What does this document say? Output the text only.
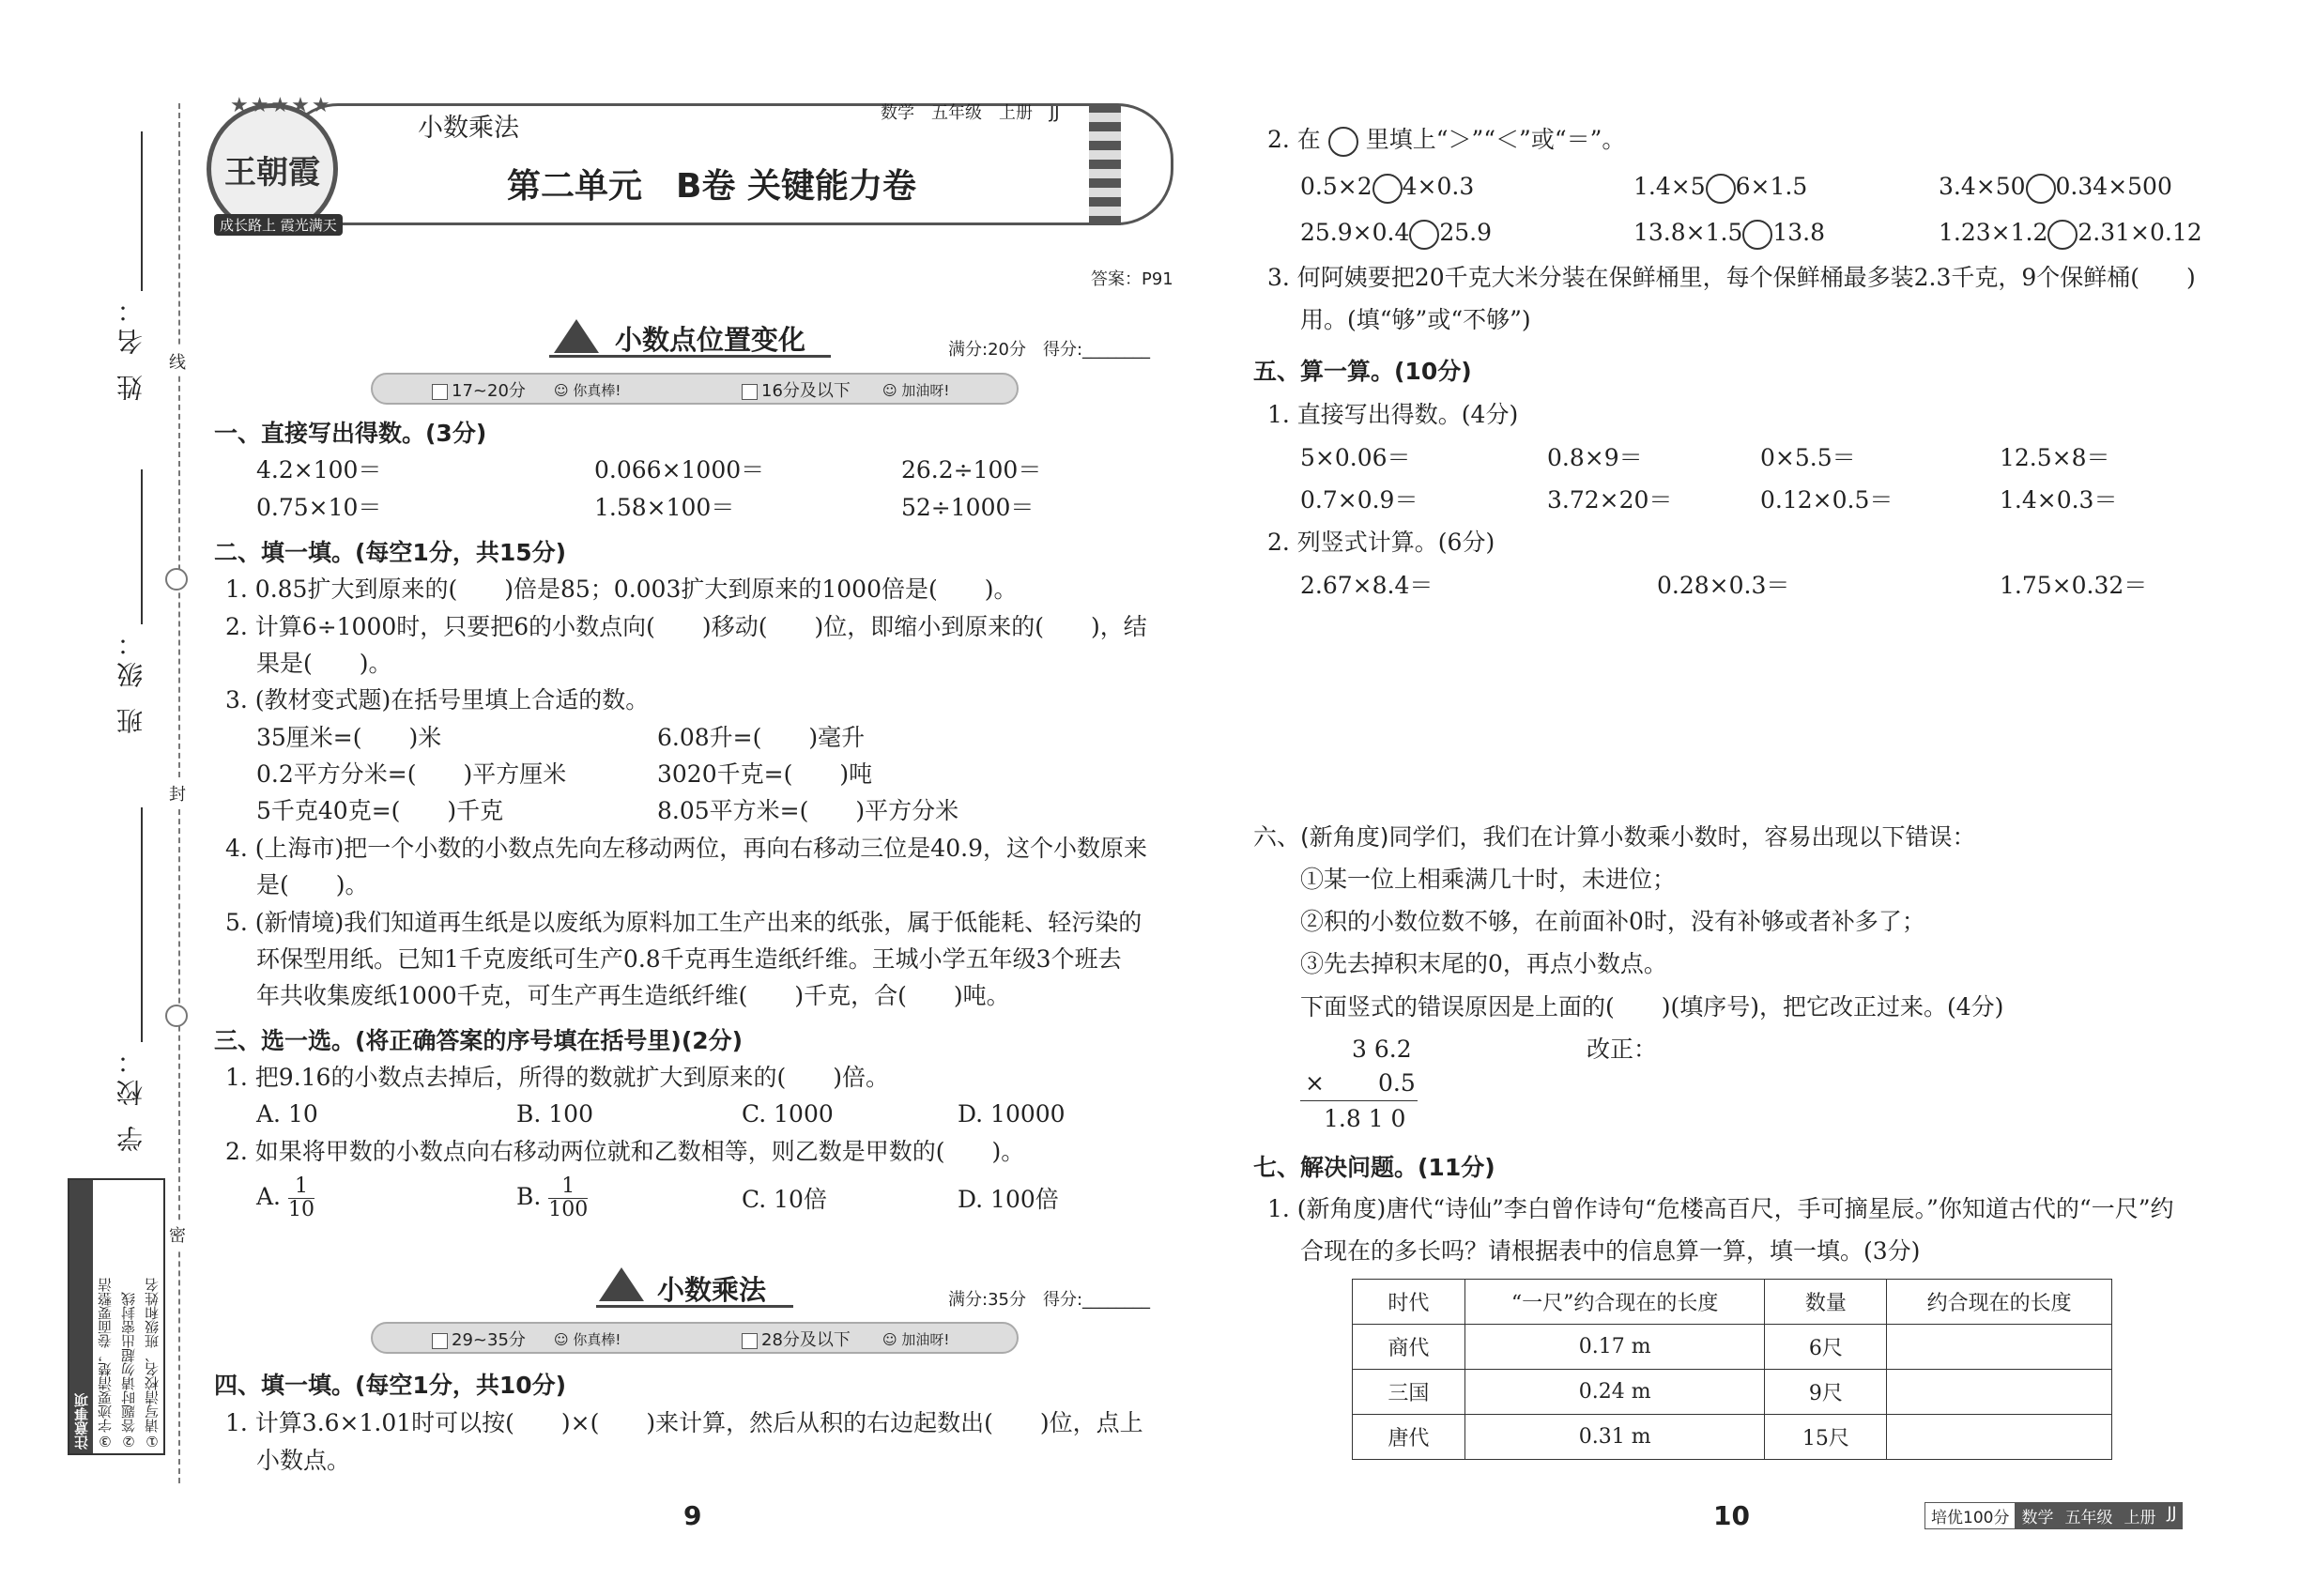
线
封
密
姓 名：
班 级：
学 校：
注意事项 ③字迹要清楚，卷面要整洁 ②答题时请勿超出密封线 ①请写清校名、班级和姓名
王朝霞
成长路上 霞光满天
★★★★★
小数乘法
数学　五年级　上册　JJ
第二单元　B卷 关键能力卷
答案：P91
小数点位置变化	满分:20分　得分:________
17~20分 ☺ 你真棒!	16分及以下 ☺ 加油呀!
一、直接写出得数。(3分)
4.2×100＝	0.066×1000＝	26.2÷100＝
0.75×10＝	1.58×100＝	52÷1000＝
二、填一填。(每空1分，共15分)
1. 0.85扩大到原来的(　　)倍是85；0.003扩大到原来的1000倍是(　　)。
2. 计算6÷1000时，只要把6的小数点向(　　)移动(　　)位，即缩小到原来的(　　)，结
果是(　　)。
3. (教材变式题)在括号里填上合适的数。
35厘米=(　　)米	6.08升=(　　)毫升
0.2平方分米=(　　)平方厘米	3020千克=(　　)吨
5千克40克=(　　)千克	8.05平方米=(　　)平方分米
4. (上海市)把一个小数的小数点先向左移动两位，再向右移动三位是40.9，这个小数原来
是(　　)。
5. (新情境)我们知道再生纸是以废纸为原料加工生产出来的纸张，属于低能耗、轻污染的
环保型用纸。已知1千克废纸可生产0.8千克再生造纸纤维。王城小学五年级3个班去
年共收集废纸1000千克，可生产再生造纸纤维(　　)千克，合(　　)吨。
三、选一选。(将正确答案的序号填在括号里)(2分)
1. 把9.16的小数点去掉后，所得的数就扩大到原来的(　　)倍。
A. 10	B. 100	C. 1000	D. 10000
2. 如果将甲数的小数点向右移动两位就和乙数相等，则乙数是甲数的(　　)。
A. $\frac{1}{10}$	B. $\frac{1}{100}$	C. 10倍	D. 100倍
小数乘法	满分:35分　得分:________
29~35分 ☺ 你真棒!	28分及以下 ☺ 加油呀!
四、填一填。(每空1分，共10分)
1. 计算3.6×1.01时可以按(　　)×(　　)来计算，然后从积的右边起数出(　　)位，点上
小数点。
9
2. 在 里填上“＞”“＜”或“＝”。
0.5×2 4×0.3	1.4×5 6×1.5	3.4×50 0.34×500
25.9×0.4 25.9	13.8×1.5 13.8	1.23×1.2 2.31×0.12
3. 何阿姨要把20千克大米分装在保鲜桶里，每个保鲜桶最多装2.3千克，9个保鲜桶(　　)
用。(填“够”或“不够”)
五、算一算。(10分)
1. 直接写出得数。(4分)
5×0.06＝	0.8×9＝	0×5.5＝	12.5×8＝
0.7×0.9＝	3.72×20＝	0.12×0.5＝	1.4×0.3＝
2. 列竖式计算。(6分)
2.67×8.4＝	0.28×0.3＝	1.75×0.32＝
六、(新角度)同学们，我们在计算小数乘小数时，容易出现以下错误：
①某一位上相乘满几十时，未进位；
②积的小数位数不够，在前面补0时，没有补够或者补多了；
③先去掉积末尾的0，再点小数点。
下面竖式的错误原因是上面的(　　)(填序号)，把它改正过来。(4分)
3 6.2
× 0.5
1.8 1 0
改正：
七、解决问题。(11分)
1. (新角度)唐代“诗仙”李白曾作诗句“危楼高百尺，手可摘星辰。”你知道古代的“一尺”约
合现在的多长吗？请根据表中的信息算一算，填一填。(3分)
时代	“一尺”约合现在的长度	数量	约合现在的长度
商代	0.17 m	6尺	
三国	0.24 m	9尺	
唐代	0.31 m	15尺	
10	培优100分 数学 五年级 上册 JJ
